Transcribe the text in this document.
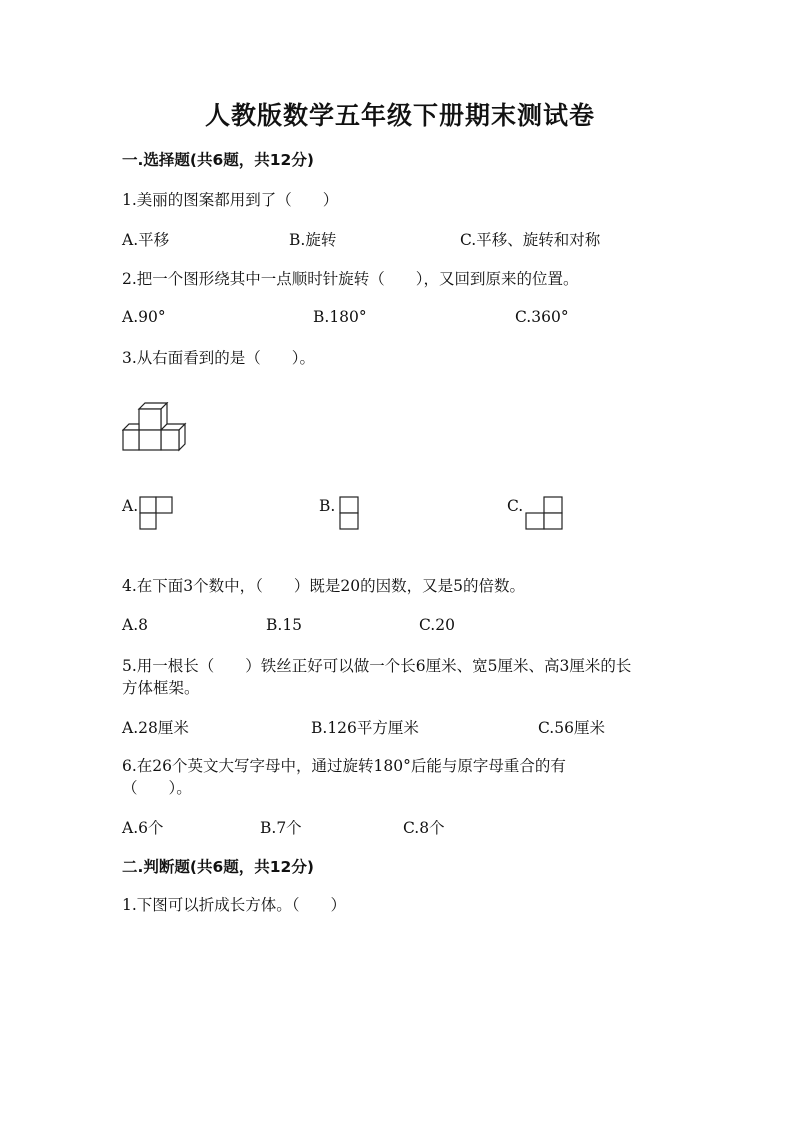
人教版数学五年级下册期末测试卷
一.选择题(共6题，共12分)
1.美丽的图案都用到了（　　）
A.平移	B.旋转	C.平移、旋转和对称
2.把一个图形绕其中一点顺时针旋转（　　），又回到原来的位置。
A.90°	B.180°	C.360°
3.从右面看到的是（　　）。
A.	B.	C.
4.在下面3个数中，（　　）既是20的因数，又是5的倍数。
A.8	B.15	C.20
5.用一根长（　　）铁丝正好可以做一个长6厘米、宽5厘米、高3厘米的长
方体框架。
A.28厘米	B.126平方厘米	C.56厘米
6.在26个英文大写字母中，通过旋转180°后能与原字母重合的有
（　　）。
A.6个	B.7个	C.8个
二.判断题(共6题，共12分)
1.下图可以折成长方体。（　　）
